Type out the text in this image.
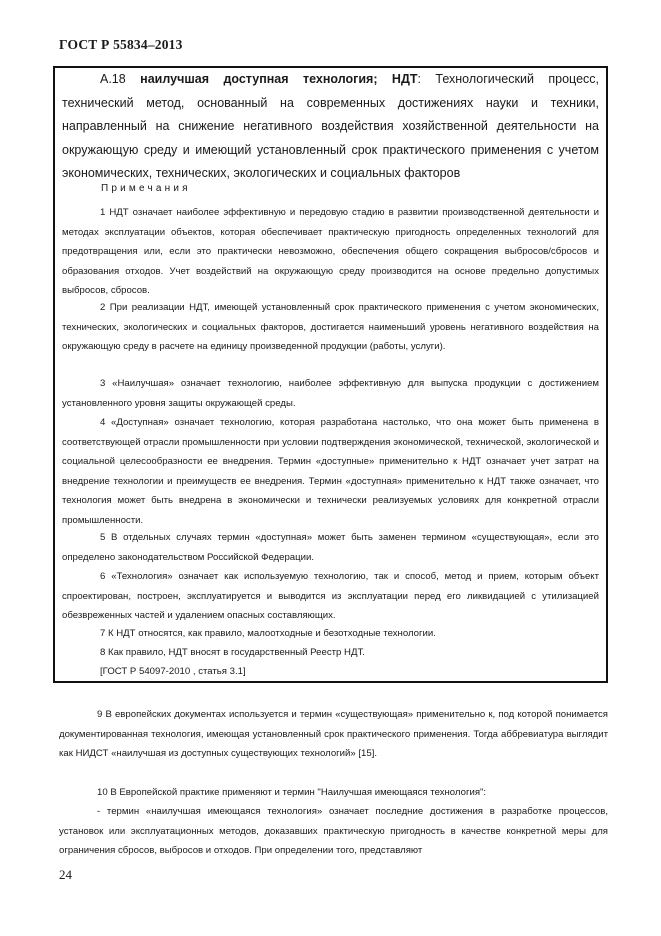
ГОСТ Р 55834–2013

А.18 наилучшая доступная технология; НДТ: Технологический процесс, технический метод, основанный на современных достижениях науки и техники, направленный на снижение негативного воздействия хозяйственной деятельности на окружающую среду и имеющий установленный срок практического применения с учетом экономических, технических, экологических и социальных факторов

Примечания

1 НДТ означает наиболее эффективную и передовую стадию в развитии производственной деятельности и методах эксплуатации объектов, которая обеспечивает практическую пригодность определенных технологий для предотвращения или, если это практически невозможно, обеспечения общего сокращения выбросов/сбросов и образования отходов. Учет воздействий на окружающую среду производится на основе предельно допустимых выбросов, сбросов.

2 При реализации НДТ, имеющей установленный срок практического применения с учетом экономических, технических, экологических и социальных факторов, достигается наименьший уровень негативного воздействия на окружающую среду в расчете на единицу произведенной продукции (работы, услуги).

3 «Наилучшая» означает технологию, наиболее эффективную для выпуска продукции с достижением установленного уровня защиты окружающей среды.

4 «Доступная» означает технологию, которая разработана настолько, что она может быть применена в соответствующей отрасли промышленности при условии подтверждения экономической, технической, экологической и социальной целесообразности ее внедрения. Термин «доступные» применительно к НДТ означает учет затрат на внедрение технологии и преимуществ ее внедрения. Термин «доступная» применительно к НДТ также означает, что технология может быть внедрена в экономически и технически реализуемых условиях для конкретной отрасли промышленности.

5 В отдельных случаях термин «доступная» может быть заменен термином «существующая», если это определено законодательством Российской Федерации.

6 «Технология» означает как используемую технологию, так и способ, метод и прием, которым объект спроектирован, построен, эксплуатируется и выводится из эксплуатации перед его ликвидацией с утилизацией обезвреженных частей и удалением опасных составляющих.

7 К НДТ относятся, как правило, малоотходные и безотходные технологии.

8 Как правило, НДТ вносят в государственный Реестр НДТ.

[ГОСТ Р 54097-2010 , статья 3.1]

9 В европейских документах используется и термин «существующая» применительно к, под которой понимается документированная технология, имеющая установленный срок практического применения. Тогда аббревиатура выглядит как НИДСТ «наилучшая из доступных существующих технологий» [15].

10 В Европейской практике применяют и термин "Наилучшая имеющаяся технология":

- термин «наилучшая имеющаяся технология» означает последние достижения в разработке процессов, установок или эксплуатационных методов, доказавших практическую пригодность в качестве конкретной меры для ограничения сбросов, выбросов и отходов. При определении того, представляют

24
